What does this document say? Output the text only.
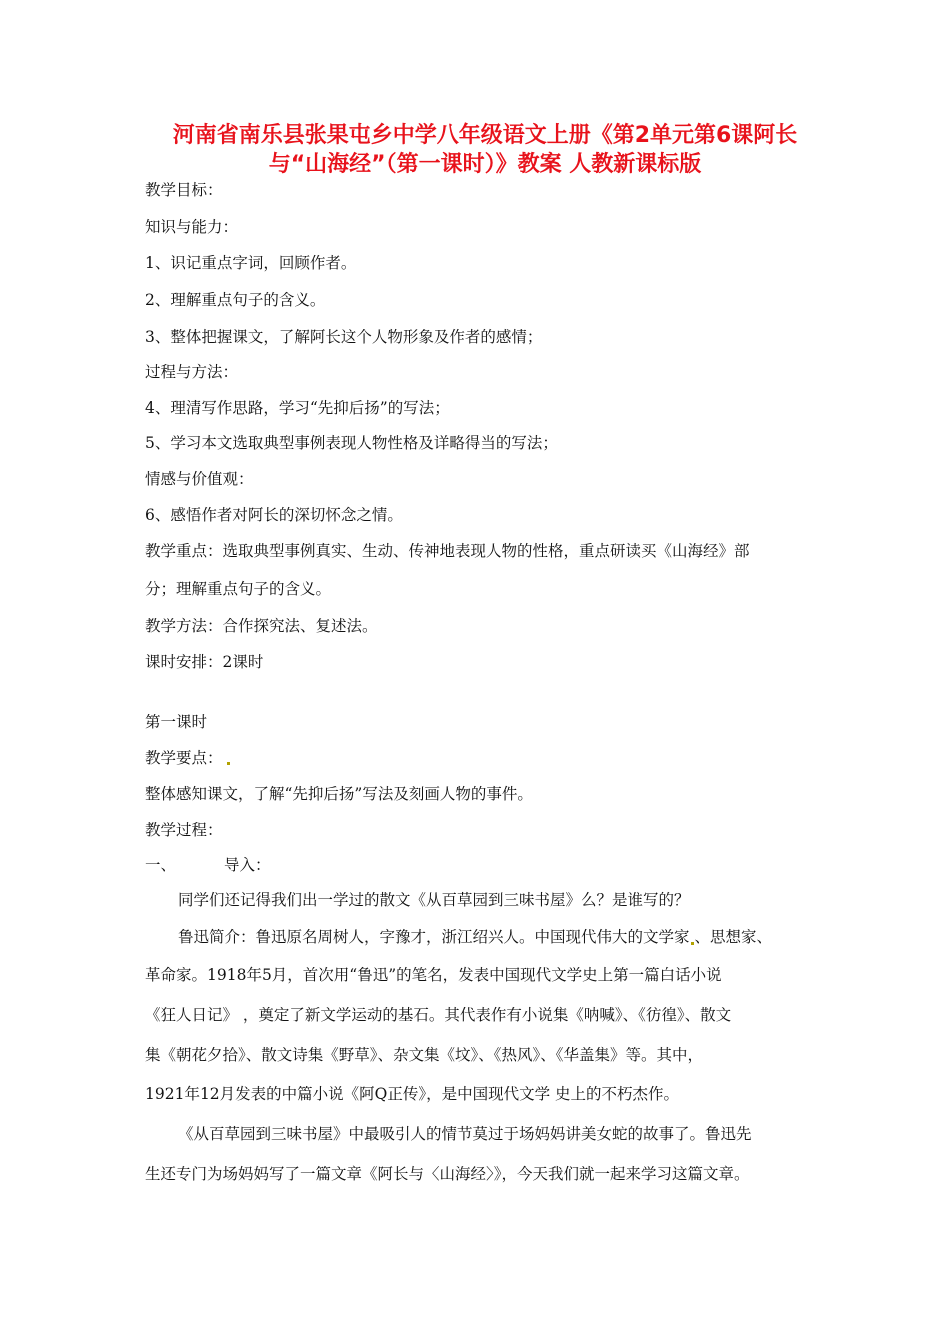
河南省南乐县张果屯乡中学八年级语文上册《第2单元第6课阿长
与“山海经”（第一课时）》教案 人教新课标版
教学目标：
知识与能力：
1、识记重点字词，回顾作者。
2、理解重点句子的含义。
3、整体把握课文，了解阿长这个人物形象及作者的感情；
过程与方法：
4、理清写作思路，学习“先抑后扬”的写法；
5、学习本文选取典型事例表现人物性格及详略得当的写法；
情感与价值观：
6、感悟作者对阿长的深切怀念之情。
教学重点：选取典型事例真实、生动、传神地表现人物的性格，重点研读买《山海经》部
分；理解重点句子的含义。
教学方法：合作探究法、复述法。
课时安排：2课时
第一课时
教学要点：
整体感知课文，了解“先抑后扬”写法及刻画人物的事件。
教学过程：
一、	导入：
同学们还记得我们出一学过的散文《从百草园到三味书屋》么？是谁写的？
鲁迅简介：鲁迅原名周树人，字豫才，浙江绍兴人。中国现代伟大的文学家 、思想家、
革命家。1918年5月，首次用“鲁迅”的笔名，发表中国现代文学史上第一篇白话小说
《狂人日记》 ，奠定了新文学运动的基石。其代表作有小说集《呐喊》、《彷徨》、散文
集《朝花夕拾》、散文诗集《野草》、杂文集《坟》、《热风》、《华盖集》等。其中，
1921年12月发表的中篇小说《阿Q正传》，是中国现代文学 史上的不朽杰作。
《从百草园到三味书屋》中最吸引人的情节莫过于场妈妈讲美女蛇的故事了。鲁迅先
生还专门为场妈妈写了一篇文章《阿长与〈山海经〉》，今天我们就一起来学习这篇文章。
